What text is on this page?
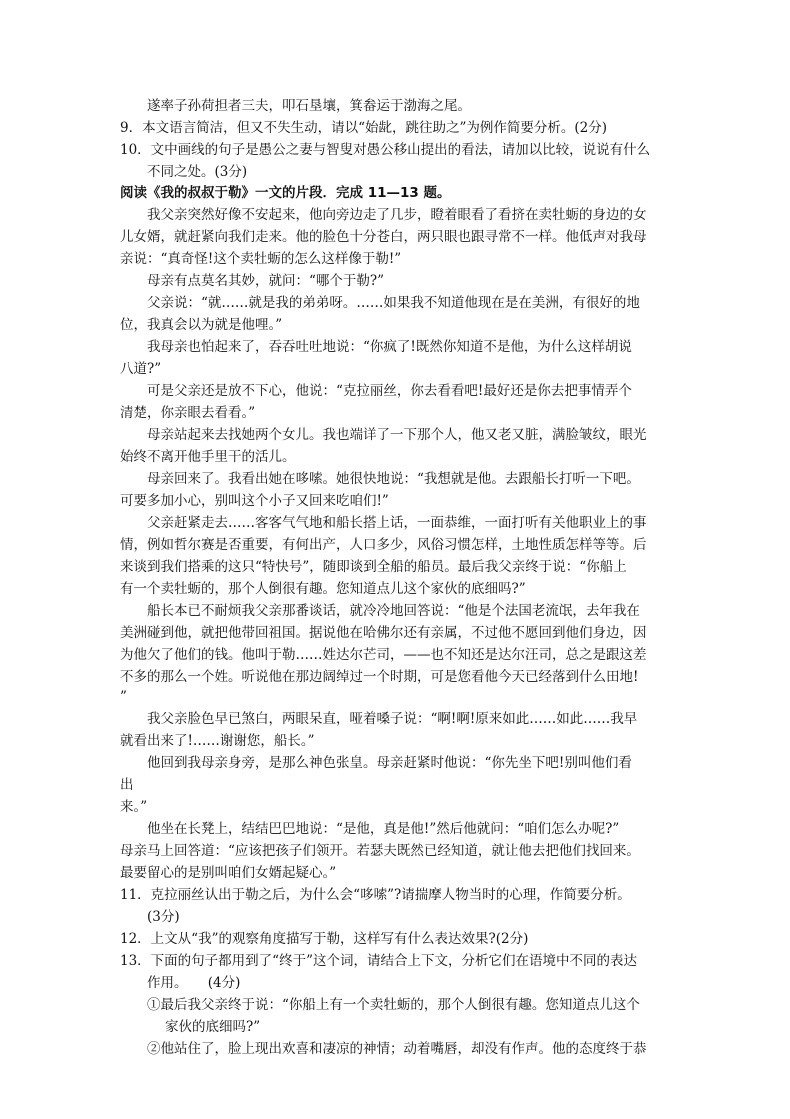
遂率子孙荷担者三夫，叩石垦壤，箕畚运于渤海之尾。
9．本文语言简洁，但又不失生动，请以“始龀，跳往助之”为例作简要分析。(2分)
10．文中画线的句子是愚公之妻与智叟对愚公移山提出的看法，请加以比较，说说有什么
不同之处。(3分)
阅读《我的叔叔于勒》一文的片段．完成 11—13 题。
我父亲突然好像不安起来，他向旁边走了几步，瞪着眼看了看挤在卖牡蛎的身边的女
儿女婿，就赶紧向我们走来。他的脸色十分苍白，两只眼也跟寻常不一样。他低声对我母
亲说：“真奇怪!这个卖牡蛎的怎么这样像于勒!”
母亲有点莫名其妙，就问：“哪个于勒?”
父亲说：“就……就是我的弟弟呀。……如果我不知道他现在是在美洲，有很好的地
位，我真会以为就是他哩。”
我母亲也怕起来了，吞吞吐吐地说：“你疯了!既然你知道不是他，为什么这样胡说
八道?”
可是父亲还是放不下心，他说：“克拉丽丝，你去看看吧!最好还是你去把事情弄个
清楚，你亲眼去看看。”
母亲站起来去找她两个女儿。我也端详了一下那个人，他又老又脏，满脸皱纹，眼光
始终不离开他手里干的活儿。
母亲回来了。我看出她在哆嗦。她很快地说：“我想就是他。去跟船长打听一下吧。
可要多加小心，别叫这个小子又回来吃咱们!”
父亲赶紧走去……客客气气地和船长搭上话，一面恭维，一面打听有关他职业上的事
情，例如哲尔赛是否重要，有何出产，人口多少，风俗习惯怎样，土地性质怎样等等。后
来谈到我们搭乘的这只“特快号”，随即谈到全船的船员。最后我父亲终于说：“你船上
有一个卖牡蛎的，那个人倒很有趣。您知道点儿这个家伙的底细吗?”
船长本已不耐烦我父亲那番谈话，就冷冷地回答说：“他是个法国老流氓，去年我在
美洲碰到他，就把他带回祖国。据说他在哈佛尔还有亲属，不过他不愿回到他们身边，因
为他欠了他们的钱。他叫于勒……姓达尔芒司，——也不知还是达尔汪司，总之是跟这差
不多的那么一个姓。听说他在那边阔绰过一个时期，可是您看他今天已经落到什么田地!
”
我父亲脸色早已煞白，两眼呆直，哑着嗓子说：“啊!啊!原来如此……如此……我早
就看出来了!……谢谢您，船长。”
他回到我母亲身旁，是那么神色张皇。母亲赶紧时他说：“你先坐下吧!别叫他们看
出
来。”
他坐在长凳上，结结巴巴地说：“是他，真是他!”然后他就问：“咱们怎么办呢?”
母亲马上回答道：“应该把孩子们领开。若瑟夫既然已经知道，就让他去把他们找回来。
最要留心的是别叫咱们女婿起疑心。”
11．克拉丽丝认出于勒之后，为什么会“哆嗦”?请揣摩人物当时的心理，作简要分析。
(3分)
12．上文从“我”的观察角度描写于勒，这样写有什么表达效果?(2分)
13．下面的句子都用到了“终于”这个词，请结合上下文，分析它们在语境中不同的表达
作用。　　(4分)
①最后我父亲终于说：“你船上有一个卖牡蛎的，那个人倒很有趣。您知道点儿这个
家伙的底细吗?”
②他站住了，脸上现出欢喜和凄凉的神情；动着嘴唇，却没有作声。他的态度终于恭
